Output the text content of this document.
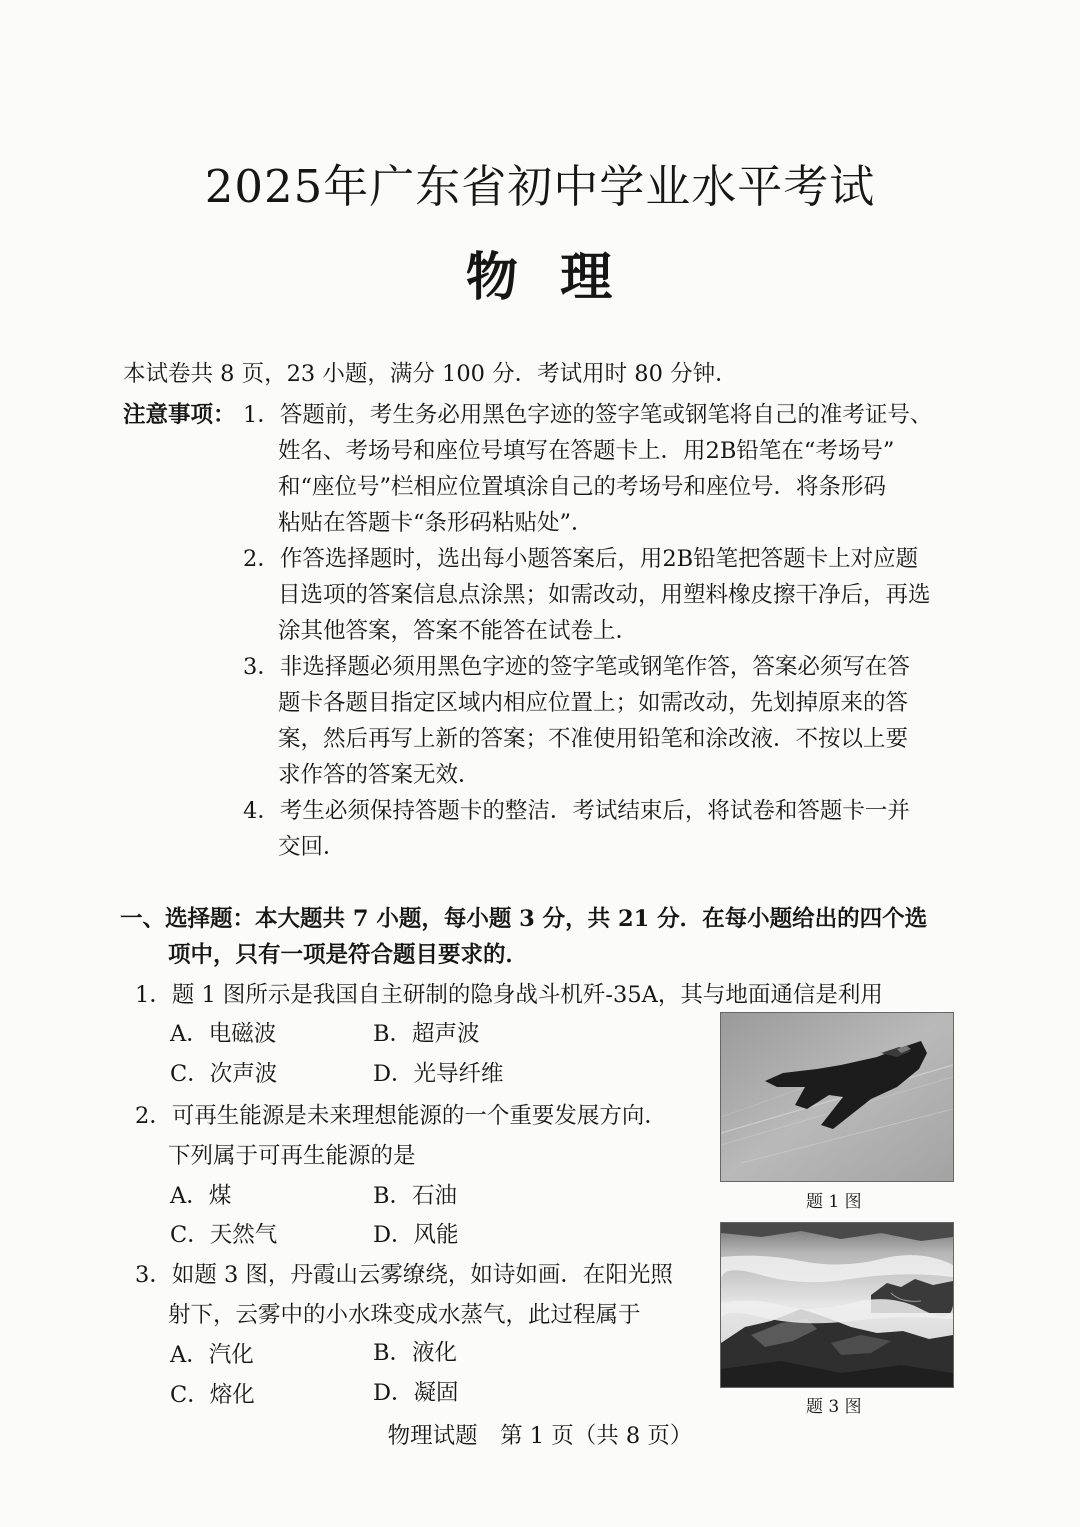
2025年广东省初中学业水平考试
物  理
本试卷共 8 页，23 小题，满分 100 分．考试用时 80 分钟．
注意事项： 1．答题前，考生务必用黑色字迹的签字笔或钢笔将自己的准考证号、
姓名、考场号和座位号填写在答题卡上．用2B铅笔在“考场号”
和“座位号”栏相应位置填涂自己的考场号和座位号．将条形码
粘贴在答题卡“条形码粘贴处”．
2．作答选择题时，选出每小题答案后，用2B铅笔把答题卡上对应题
目选项的答案信息点涂黑；如需改动，用塑料橡皮擦干净后，再选
涂其他答案，答案不能答在试卷上．
3．非选择题必须用黑色字迹的签字笔或钢笔作答，答案必须写在答
题卡各题目指定区域内相应位置上；如需改动，先划掉原来的答
案，然后再写上新的答案；不准使用铅笔和涂改液．不按以上要
求作答的答案无效．
4．考生必须保持答题卡的整洁．考试结束后，将试卷和答题卡一并
交回．
一、选择题：本大题共 7 小题，每小题 3 分，共 21 分．在每小题给出的四个选
项中，只有一项是符合题目要求的．
1．题 1 图所示是我国自主研制的隐身战斗机歼-35A，其与地面通信是利用
A．电磁波	B．超声波
C．次声波	D．光导纤维
2．可再生能源是未来理想能源的一个重要发展方向．
下列属于可再生能源的是
A．煤	B．石油
C．天然气	D．风能
3．如题 3 图，丹霞山云雾缭绕，如诗如画．在阳光照
射下，云雾中的小水珠变成水蒸气，此过程属于
A．汽化	B．液化
C．熔化	D．凝固
题 1 图
题 3 图
物理试题　第 1 页（共 8 页）
